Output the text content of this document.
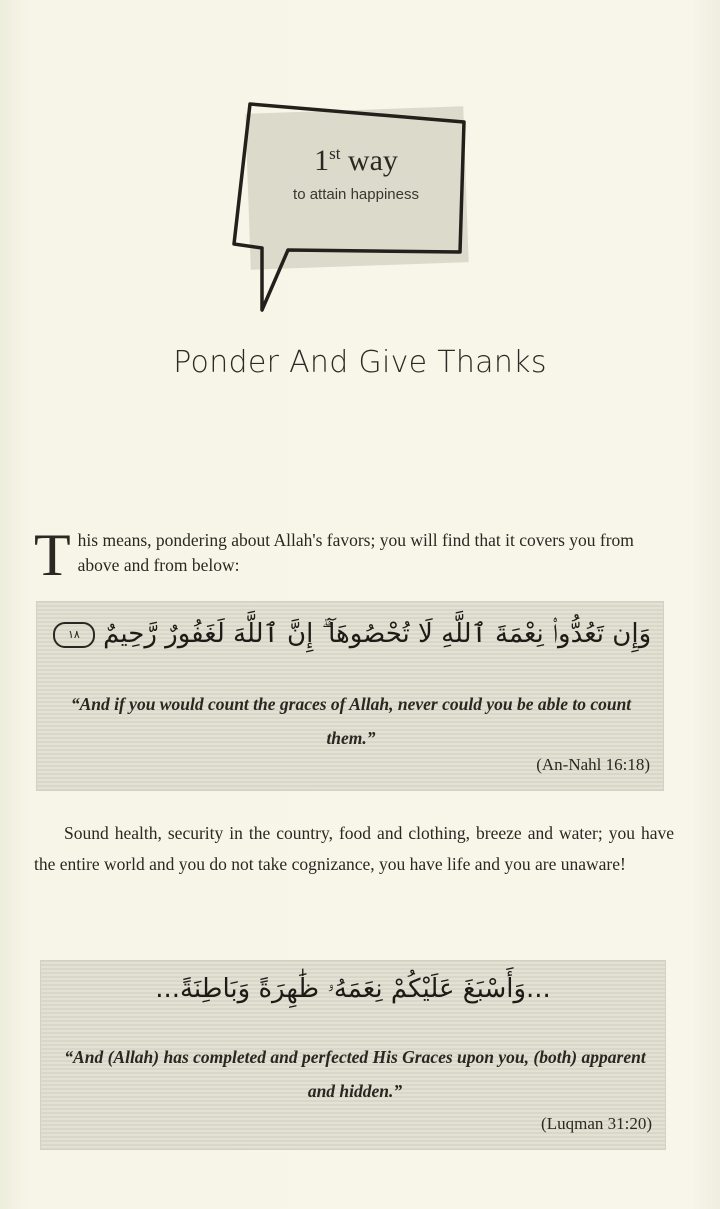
1st way
to attain happiness
Ponder And Give Thanks
T his means, pondering about Allah's favors; you will find that it covers you from above and from below:
وَإِن تَعُدُّوا۟ نِعْمَةَ ٱللَّهِ لَا تُحْصُوهَآ ۗ إِنَّ ٱللَّهَ لَغَفُورٌ رَّحِيمٌ ١٨
“And if you would count the graces of Allah, never could you be able to count them.”
(An-Nahl 16:18)
Sound health, security in the country, food and clothing, breeze and water; you have the entire world and you do not take cognizance, you have life and you are unaware!
...وَأَسْبَغَ عَلَيْكُمْ نِعَمَهُۥ ظَٰهِرَةً وَبَاطِنَةً...
“And (Allah) has completed and perfected His Graces upon you, (both) apparent and hidden.”
(Luqman 31:20)
